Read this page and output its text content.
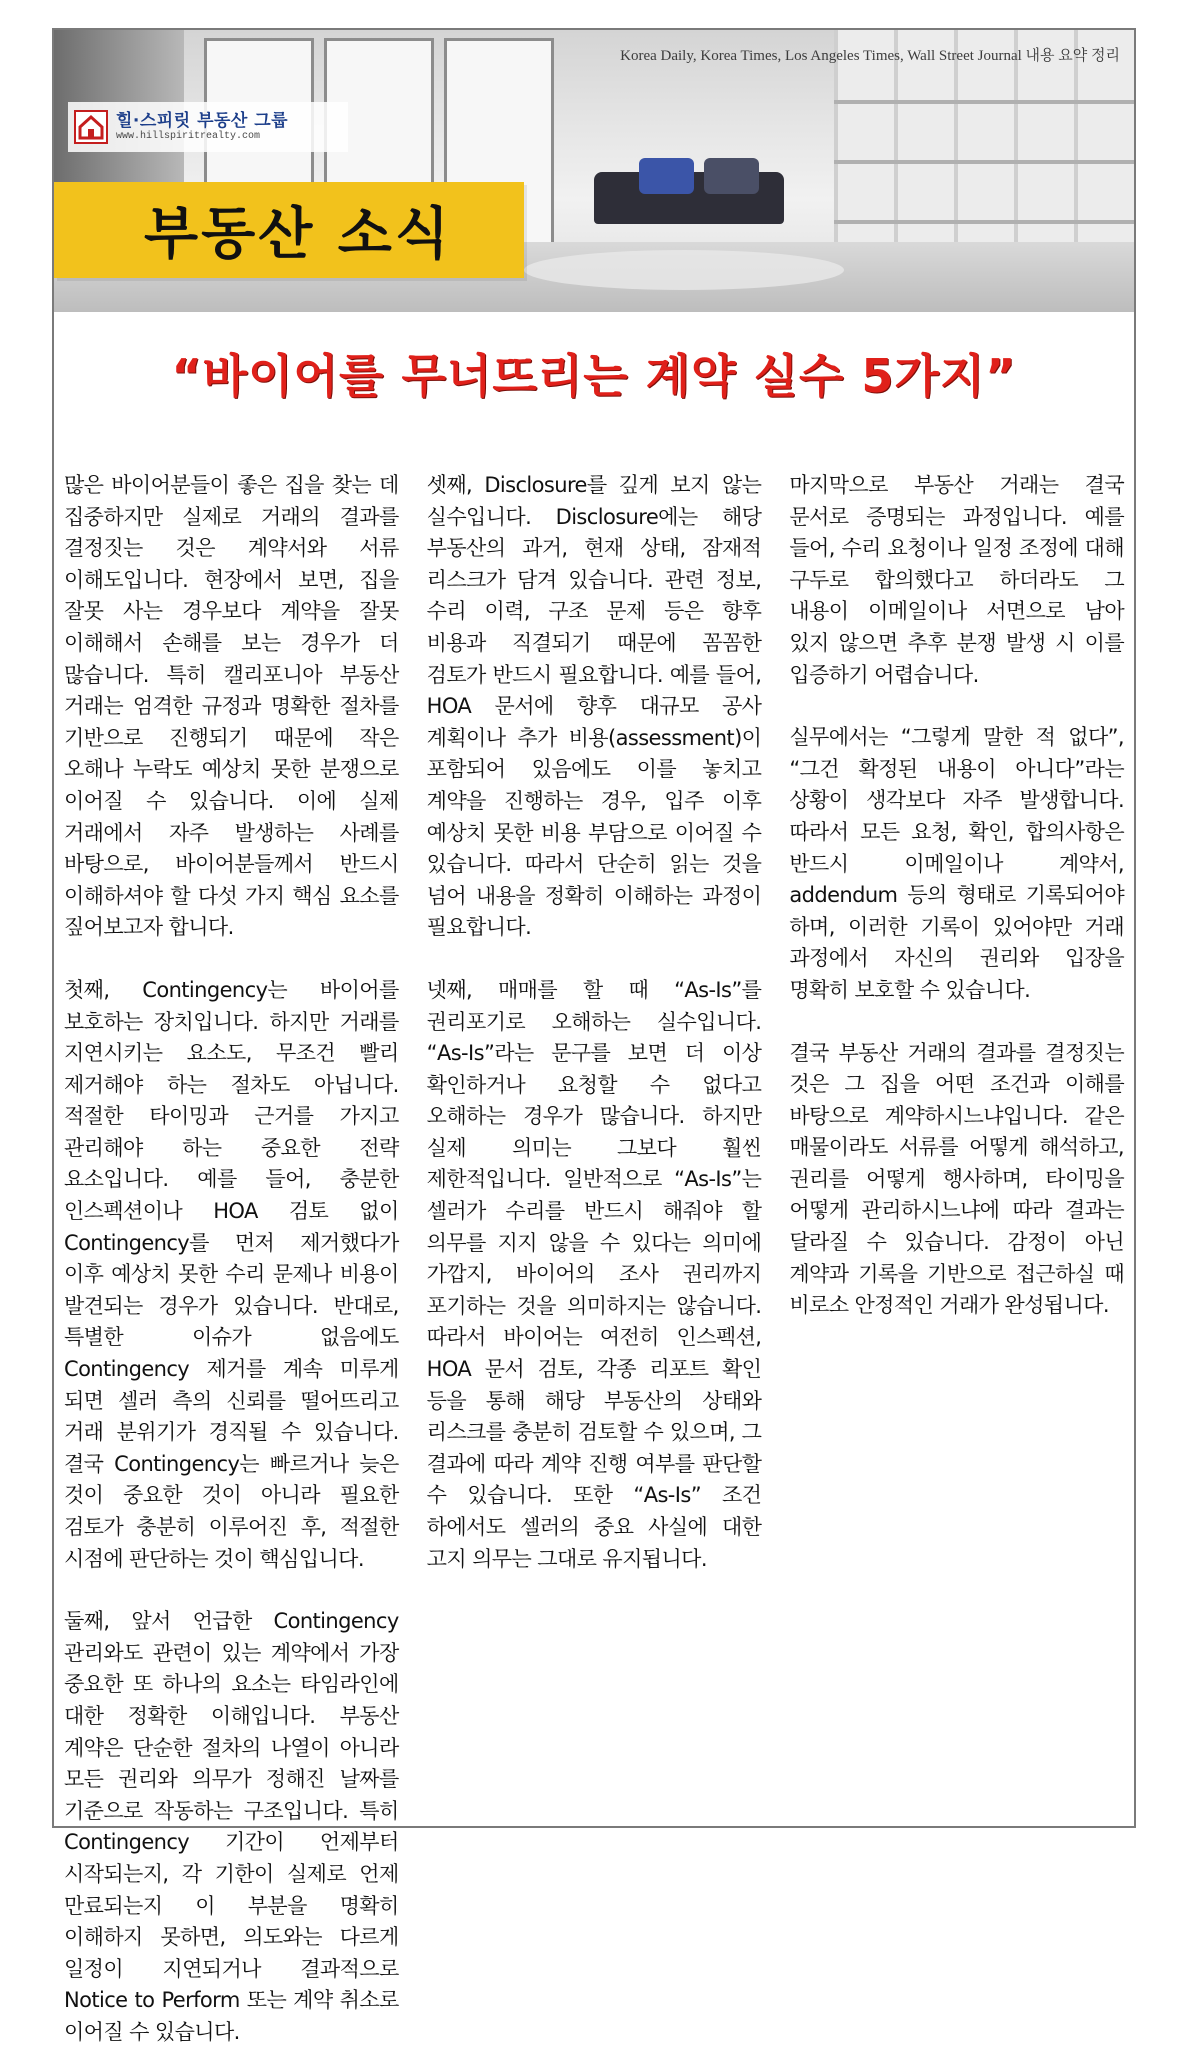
Korea Daily, Korea Times, Los Angeles Times, Wall Street Journal 내용 요약 정리
힐·스피릿 부동산 그룹
www.hillspiritrealty.com
부동산 소식
“바이어를 무너뜨리는 계약 실수 5가지”

많은 바이어분들이 좋은 집을 찾는 데 집중하지만 실제로 거래의 결과를 결정짓는 것은 계약서와 서류 이해도입니다. 현장에서 보면, 집을 잘못 사는 경우보다 계약을 잘못 이해해서 손해를 보는 경우가 더 많습니다. 특히 캘리포니아 부동산 거래는 엄격한 규정과 명확한 절차를 기반으로 진행되기 때문에 작은 오해나 누락도 예상치 못한 분쟁으로 이어질 수 있습니다. 이에 실제 거래에서 자주 발생하는 사례를 바탕으로, 바이어분들께서 반드시 이해하셔야 할 다섯 가지 핵심 요소를 짚어보고자 합니다.

첫째, Contingency는 바이어를 보호하는 장치입니다. 하지만 거래를 지연시키는 요소도, 무조건 빨리 제거해야 하는 절차도 아닙니다. 적절한 타이밍과 근거를 가지고 관리해야 하는 중요한 전략 요소입니다. 예를 들어, 충분한 인스펙션이나 HOA 검토 없이 Contingency를 먼저 제거했다가 이후 예상치 못한 수리 문제나 비용이 발견되는 경우가 있습니다. 반대로, 특별한 이슈가 없음에도 Contingency 제거를 계속 미루게 되면 셀러 측의 신뢰를 떨어뜨리고 거래 분위기가 경직될 수 있습니다. 결국 Contingency는 빠르거나 늦은 것이 중요한 것이 아니라 필요한 검토가 충분히 이루어진 후, 적절한 시점에 판단하는 것이 핵심입니다.

둘째, 앞서 언급한 Contingency 관리와도 관련이 있는 계약에서 가장 중요한 또 하나의 요소는 타임라인에 대한 정확한 이해입니다. 부동산 계약은 단순한 절차의 나열이 아니라 모든 권리와 의무가 정해진 날짜를 기준으로 작동하는 구조입니다. 특히 Contingency 기간이 언제부터 시작되는지, 각 기한이 실제로 언제 만료되는지 이 부분을 명확히 이해하지 못하면, 의도와는 다르게 일정이 지연되거나 결과적으로 Notice to Perform 또는 계약 취소로 이어질 수 있습니다.

셋째, Disclosure를 깊게 보지 않는 실수입니다. Disclosure에는 해당 부동산의 과거, 현재 상태, 잠재적 리스크가 담겨 있습니다. 관련 정보, 수리 이력, 구조 문제 등은 향후 비용과 직결되기 때문에 꼼꼼한 검토가 반드시 필요합니다. 예를 들어, HOA 문서에 향후 대규모 공사 계획이나 추가 비용(assessment)이 포함되어 있음에도 이를 놓치고 계약을 진행하는 경우, 입주 이후 예상치 못한 비용 부담으로 이어질 수 있습니다. 따라서 단순히 읽는 것을 넘어 내용을 정확히 이해하는 과정이 필요합니다.

넷째, 매매를 할 때 “As-Is”를 권리포기로 오해하는 실수입니다. “As-Is”라는 문구를 보면 더 이상 확인하거나 요청할 수 없다고 오해하는 경우가 많습니다. 하지만 실제 의미는 그보다 훨씬 제한적입니다. 일반적으로 “As-Is”는 셀러가 수리를 반드시 해줘야 할 의무를 지지 않을 수 있다는 의미에 가깝지, 바이어의 조사 권리까지 포기하는 것을 의미하지는 않습니다. 따라서 바이어는 여전히 인스펙션, HOA 문서 검토, 각종 리포트 확인 등을 통해 해당 부동산의 상태와 리스크를 충분히 검토할 수 있으며, 그 결과에 따라 계약 진행 여부를 판단할 수 있습니다. 또한 “As-Is” 조건 하에서도 셀러의 중요 사실에 대한 고지 의무는 그대로 유지됩니다.

마지막으로 부동산 거래는 결국 문서로 증명되는 과정입니다. 예를 들어, 수리 요청이나 일정 조정에 대해 구두로 합의했다고 하더라도 그 내용이 이메일이나 서면으로 남아 있지 않으면 추후 분쟁 발생 시 이를 입증하기 어렵습니다.

실무에서는 “그렇게 말한 적 없다”, “그건 확정된 내용이 아니다”라는 상황이 생각보다 자주 발생합니다. 따라서 모든 요청, 확인, 합의사항은 반드시 이메일이나 계약서, addendum 등의 형태로 기록되어야 하며, 이러한 기록이 있어야만 거래 과정에서 자신의 권리와 입장을 명확히 보호할 수 있습니다.

결국 부동산 거래의 결과를 결정짓는 것은 그 집을 어떤 조건과 이해를 바탕으로 계약하시느냐입니다. 같은 매물이라도 서류를 어떻게 해석하고, 권리를 어떻게 행사하며, 타이밍을 어떻게 관리하시느냐에 따라 결과는 달라질 수 있습니다. 감정이 아닌 계약과 기록을 기반으로 접근하실 때 비로소 안정적인 거래가 완성됩니다.
